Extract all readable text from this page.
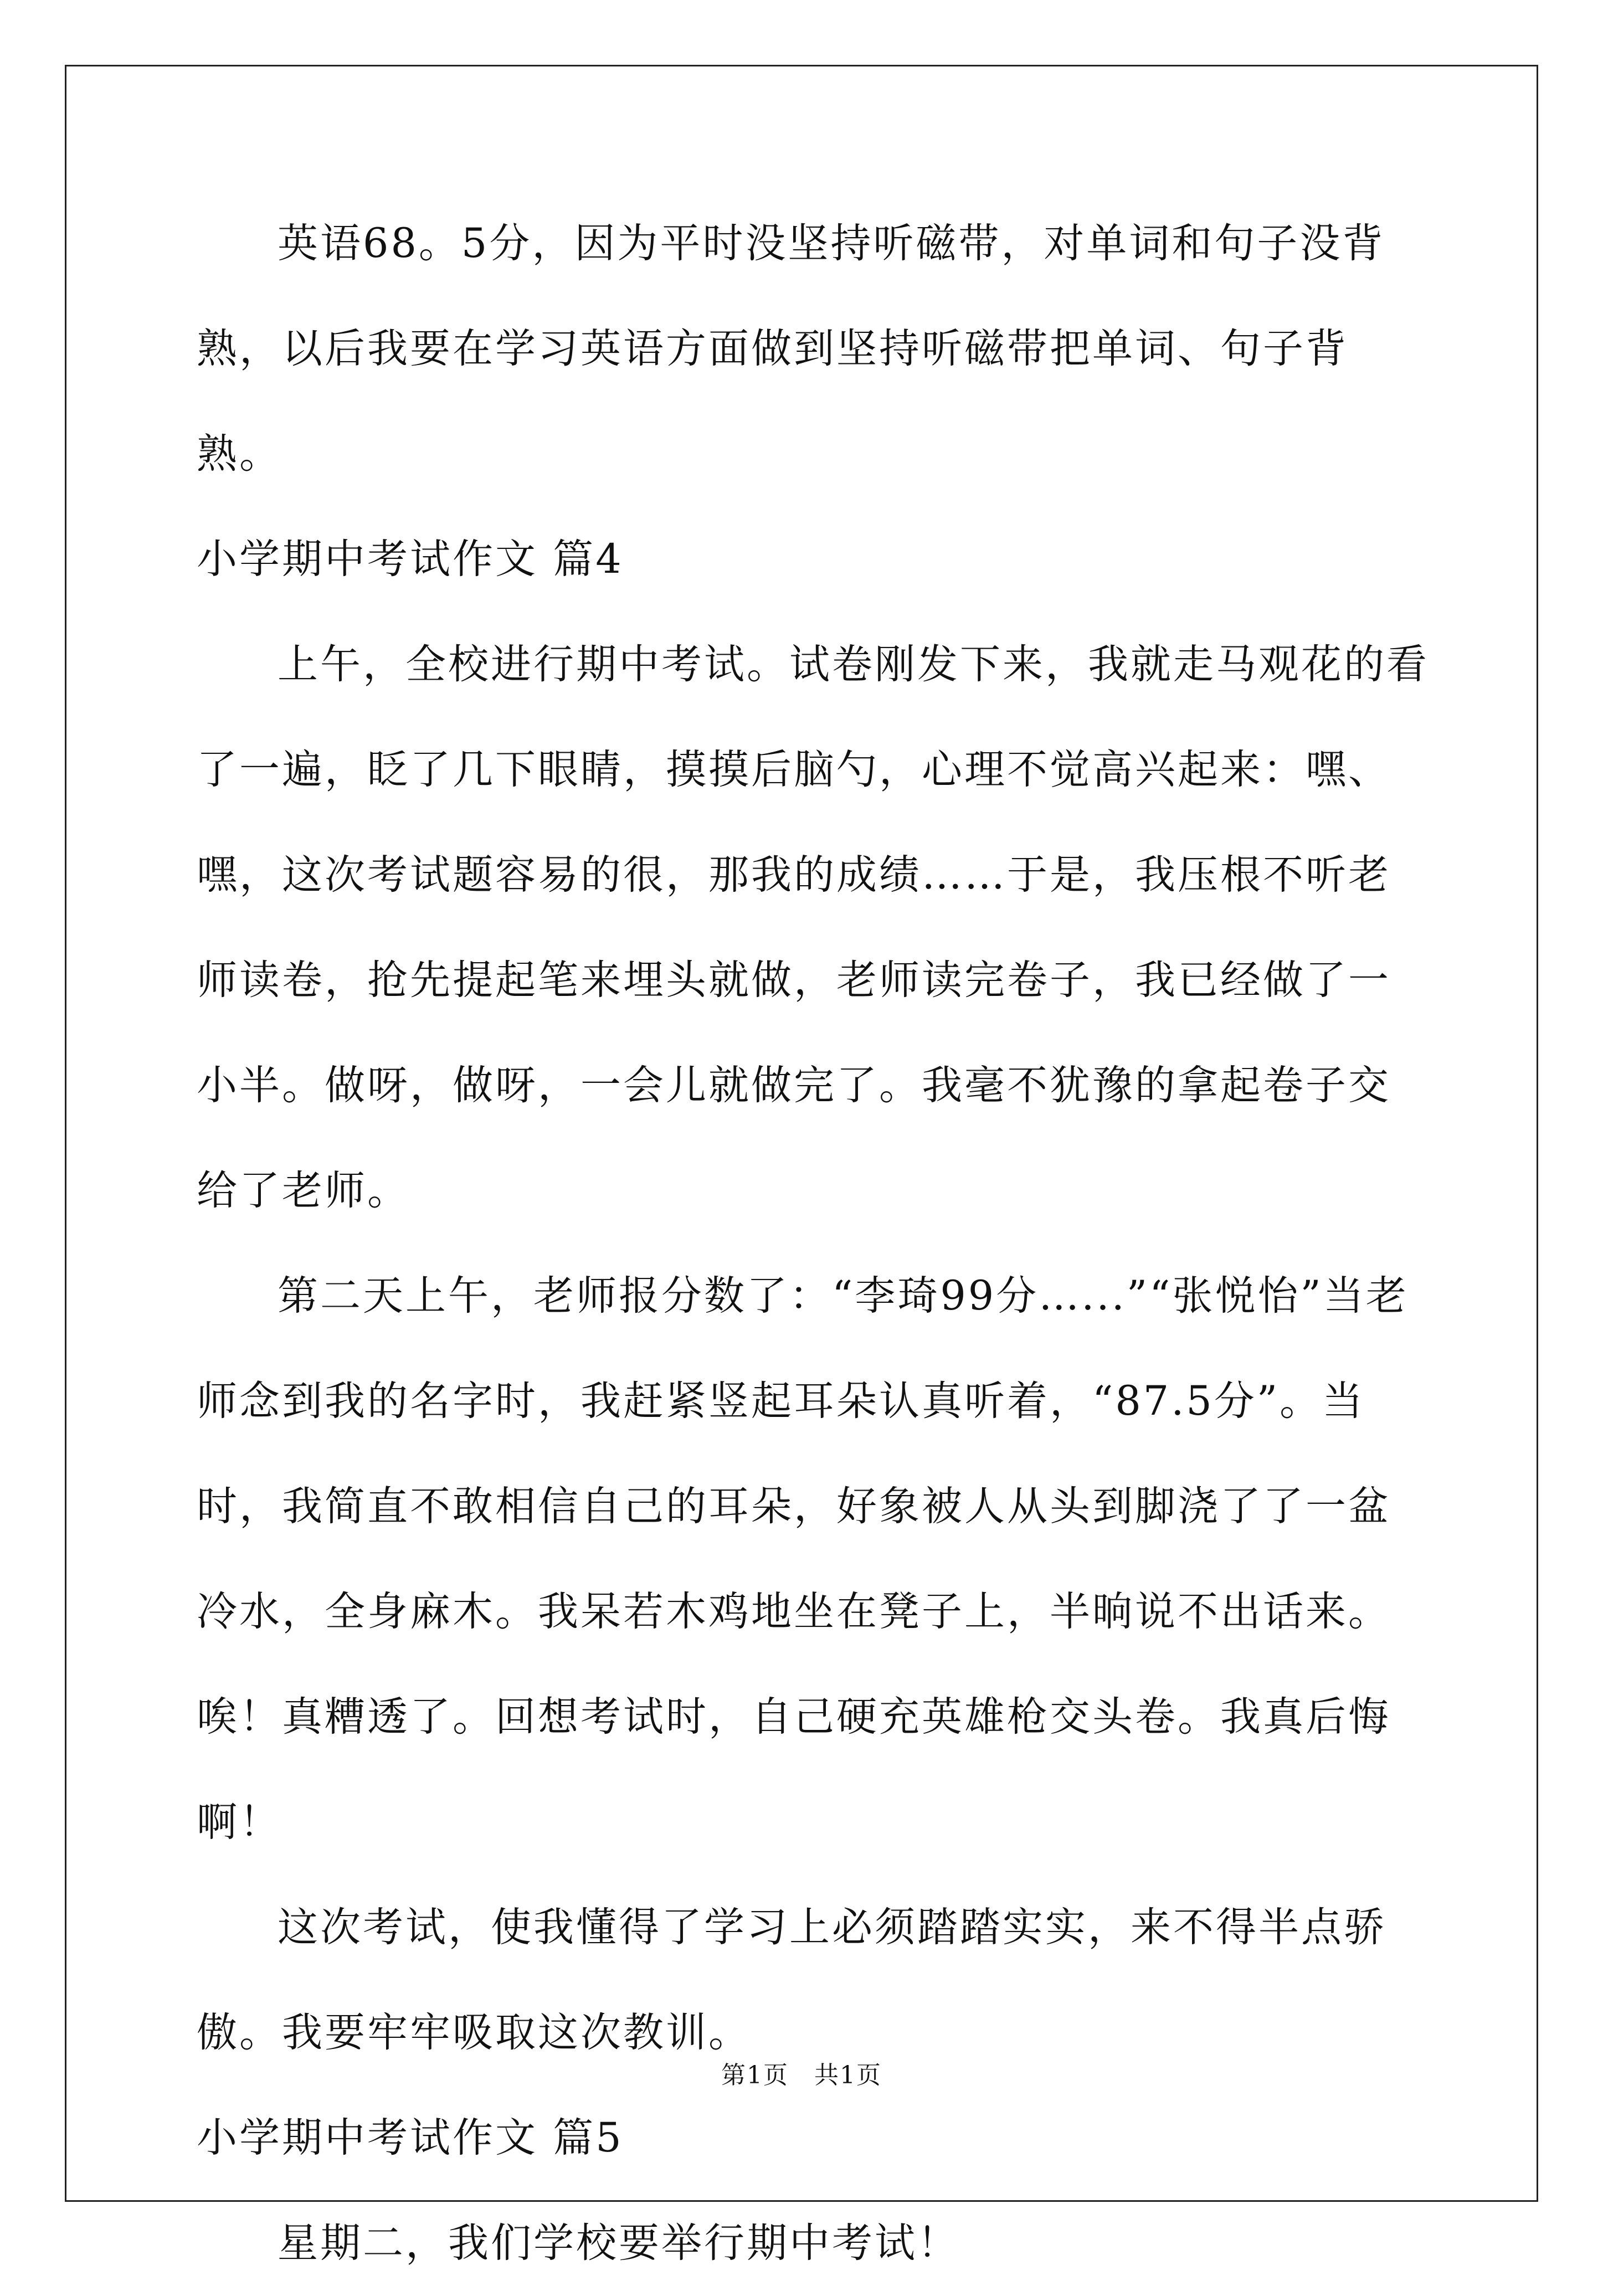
英语68。5分，因为平时没坚持听磁带，对单词和句子没背熟，以后我要在学习英语方面做到坚持听磁带把单词、句子背熟。

小学期中考试作文 篇4

上午，全校进行期中考试。试卷刚发下来，我就走马观花的看了一遍，眨了几下眼睛，摸摸后脑勺，心理不觉高兴起来：嘿、嘿，这次考试题容易的很，那我的成绩……于是，我压根不听老师读卷，抢先提起笔来埋头就做，老师读完卷子，我已经做了一小半。做呀，做呀，一会儿就做完了。我毫不犹豫的拿起卷子交给了老师。

第二天上午，老师报分数了：“李琦99分…...”“张悦怡”当老师念到我的名字时，我赶紧竖起耳朵认真听着，“87.5分”。当时，我简直不敢相信自己的耳朵，好象被人从头到脚浇了了一盆冷水，全身麻木。我呆若木鸡地坐在凳子上，半晌说不出话来。唉！真糟透了。回想考试时，自己硬充英雄枪交头卷。我真后悔啊！

这次考试，使我懂得了学习上必须踏踏实实，来不得半点骄傲。我要牢牢吸取这次教训。

小学期中考试作文 篇5

星期二，我们学校要举行期中考试！

第1页　共1页
